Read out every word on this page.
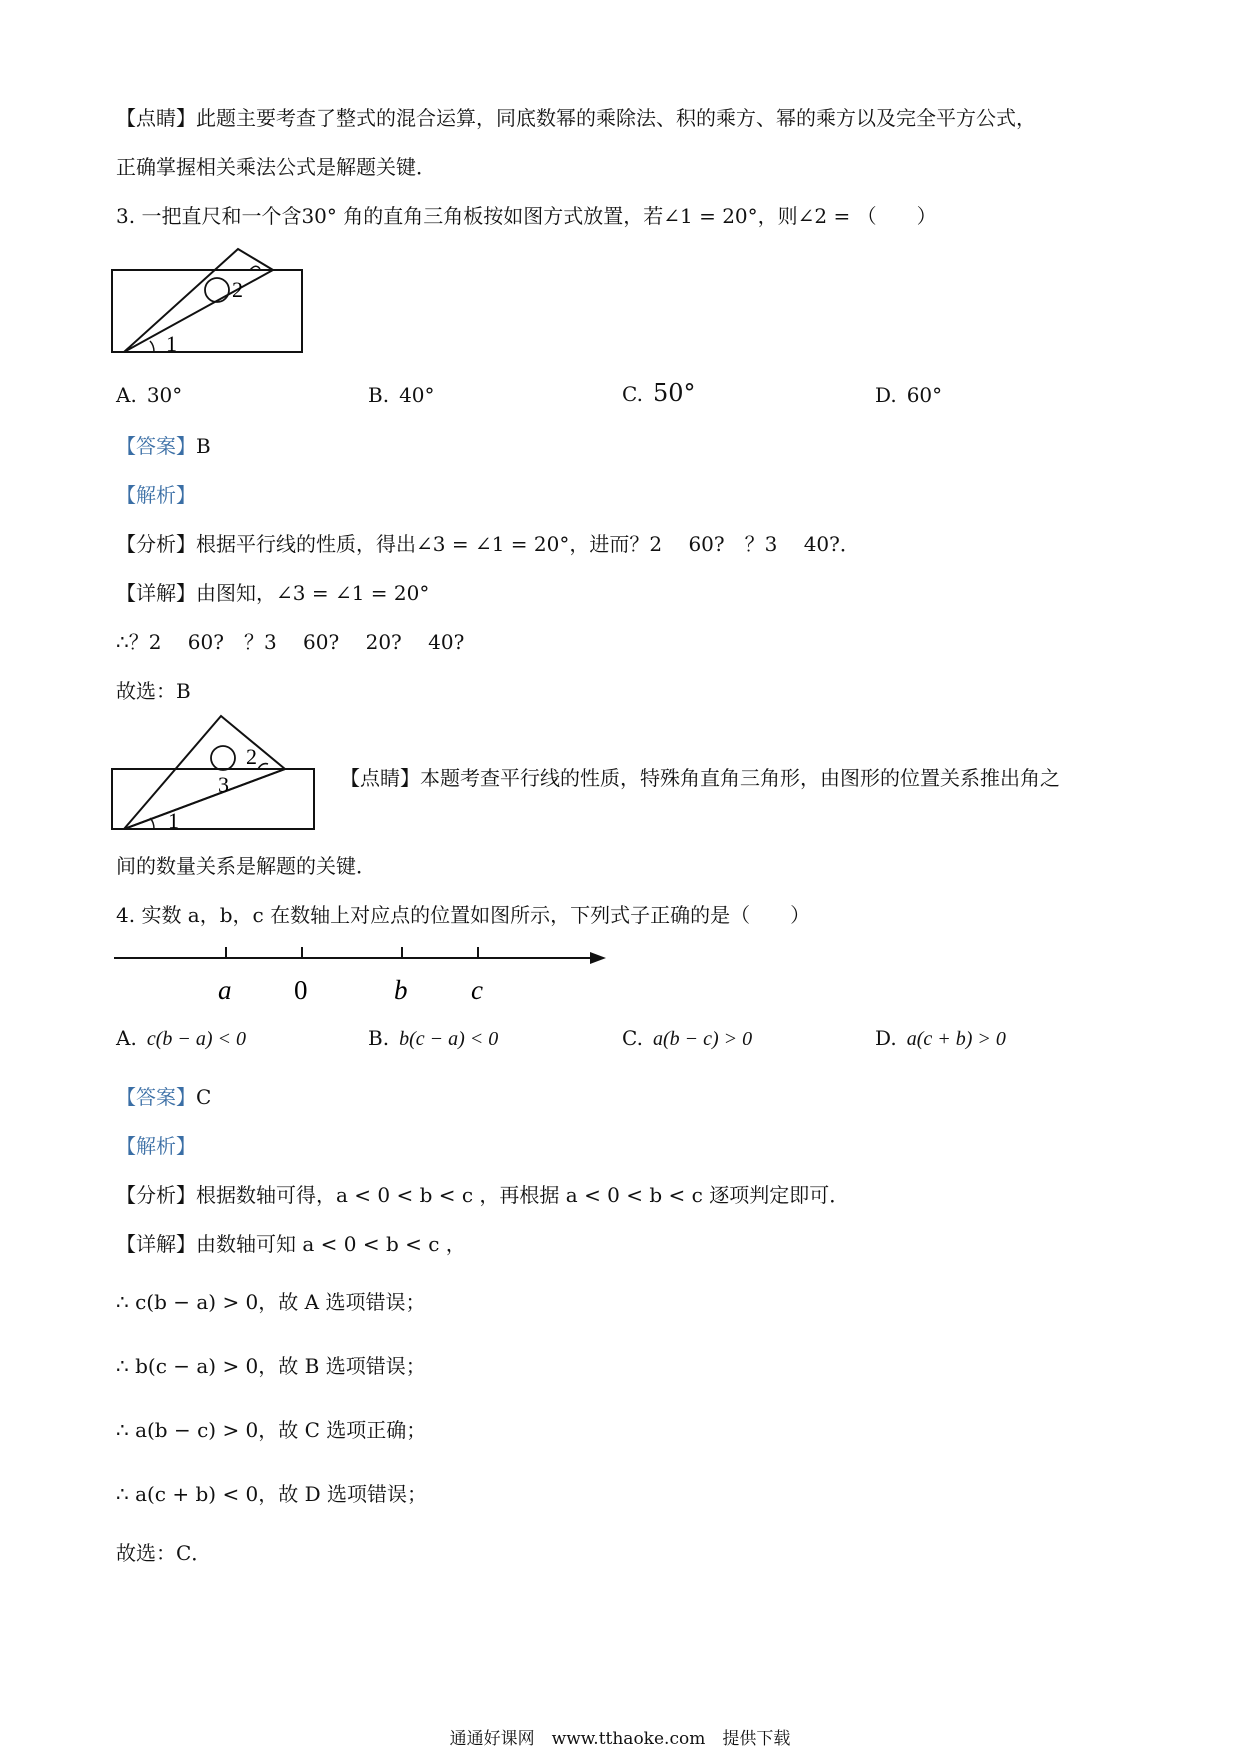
【点睛】此题主要考查了整式的混合运算，同底数幂的乘除法、积的乘方、幂的乘方以及完全平方公式，
正确掌握相关乘法公式是解题关键．
3. 一把直尺和一个含30° 角的直角三角板按如图方式放置，若∠1 = 20°，则∠2 = （　　）
2
1
A. 30°	B. 40°	C. 50°	D. 60°
【答案】B
【解析】
【分析】根据平行线的性质，得出∠3 = ∠1 = 20°，进而？2　 60?　？3　 40?．
【详解】由图知，∠3 = ∠1 = 20°
∴？2　 60?　？3　 60?　 20?　 40?
故选：B
2
3
1
【点睛】本题考查平行线的性质，特殊角直角三角形，由图形的位置关系推出角之
间的数量关系是解题的关键．
4. 实数 a，b，c 在数轴上对应点的位置如图所示，下列式子正确的是（　　）
a 0	b c
A. c(b − a) < 0	B. b(c − a) < 0	C. a(b − c) > 0	D. a(c + b) > 0
【答案】C
【解析】
【分析】根据数轴可得，a < 0 < b < c ，再根据 a < 0 < b < c 逐项判定即可．
【详解】由数轴可知 a < 0 < b < c ，
∴ c(b − a) > 0，故 A 选项错误；
∴ b(c − a) > 0，故 B 选项错误；
∴ a(b − c) > 0，故 C 选项正确；
∴ a(c + b) < 0，故 D 选项错误；
故选：C．
通通好课网　www.tthaoke.com　提供下载
